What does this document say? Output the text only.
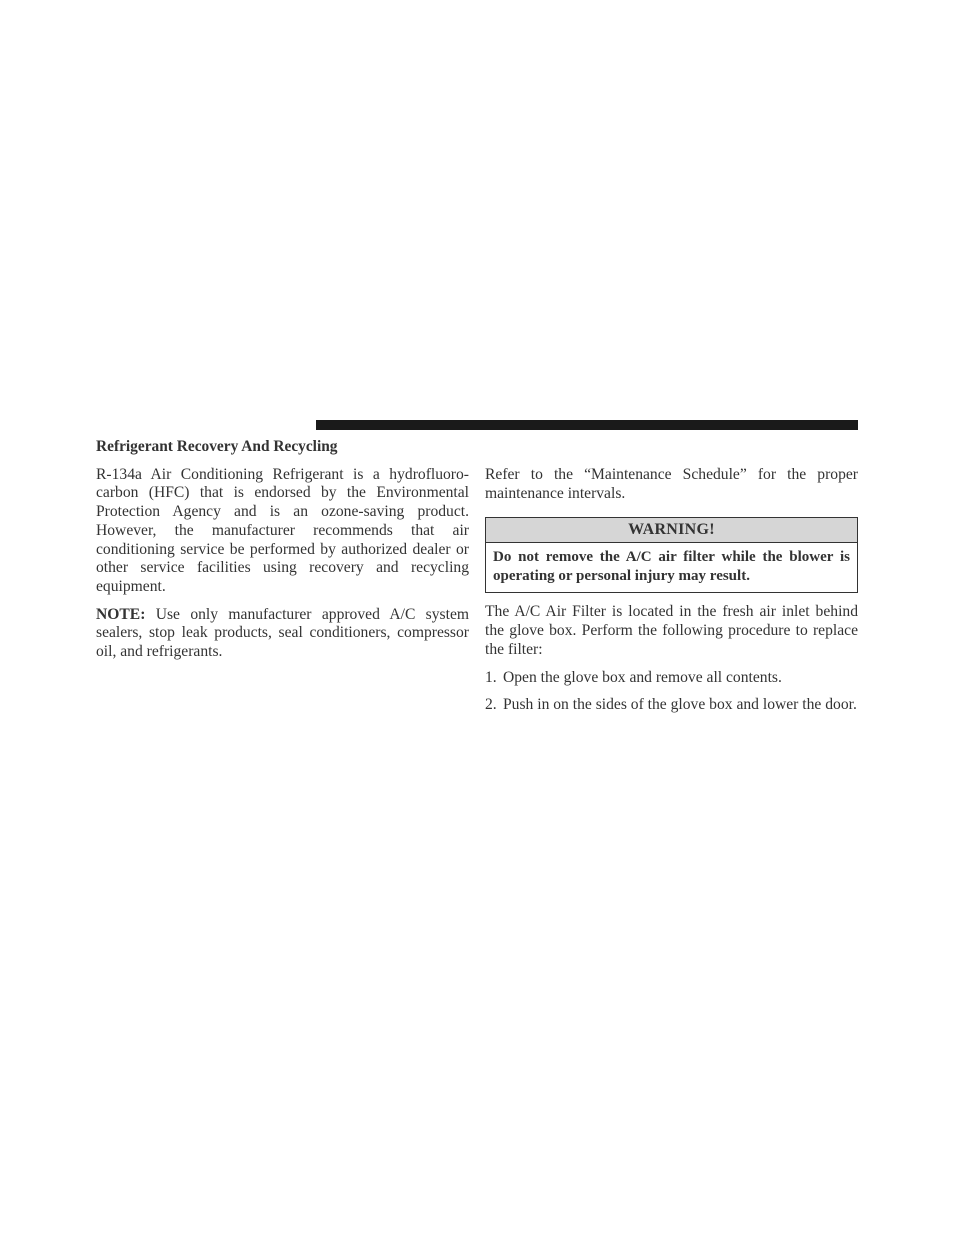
Refrigerant Recovery And Recycling

R-134a Air Conditioning Refrigerant is a hydrofluoro-carbon (HFC) that is endorsed by the Environmental Protection Agency and is an ozone-saving product. However, the manufacturer recommends that air conditioning service be performed by authorized dealer or other service facilities using recovery and recycling equipment.

NOTE: Use only manufacturer approved A/C system sealers, stop leak products, seal conditioners, compressor oil, and refrigerants.

Refer to the “Maintenance Schedule” for the proper maintenance intervals.

WARNING!
Do not remove the A/C air filter while the blower is operating or personal injury may result.

The A/C Air Filter is located in the fresh air inlet behind the glove box. Perform the following procedure to replace the filter:

1. Open the glove box and remove all contents.
2. Push in on the sides of the glove box and lower the door.
